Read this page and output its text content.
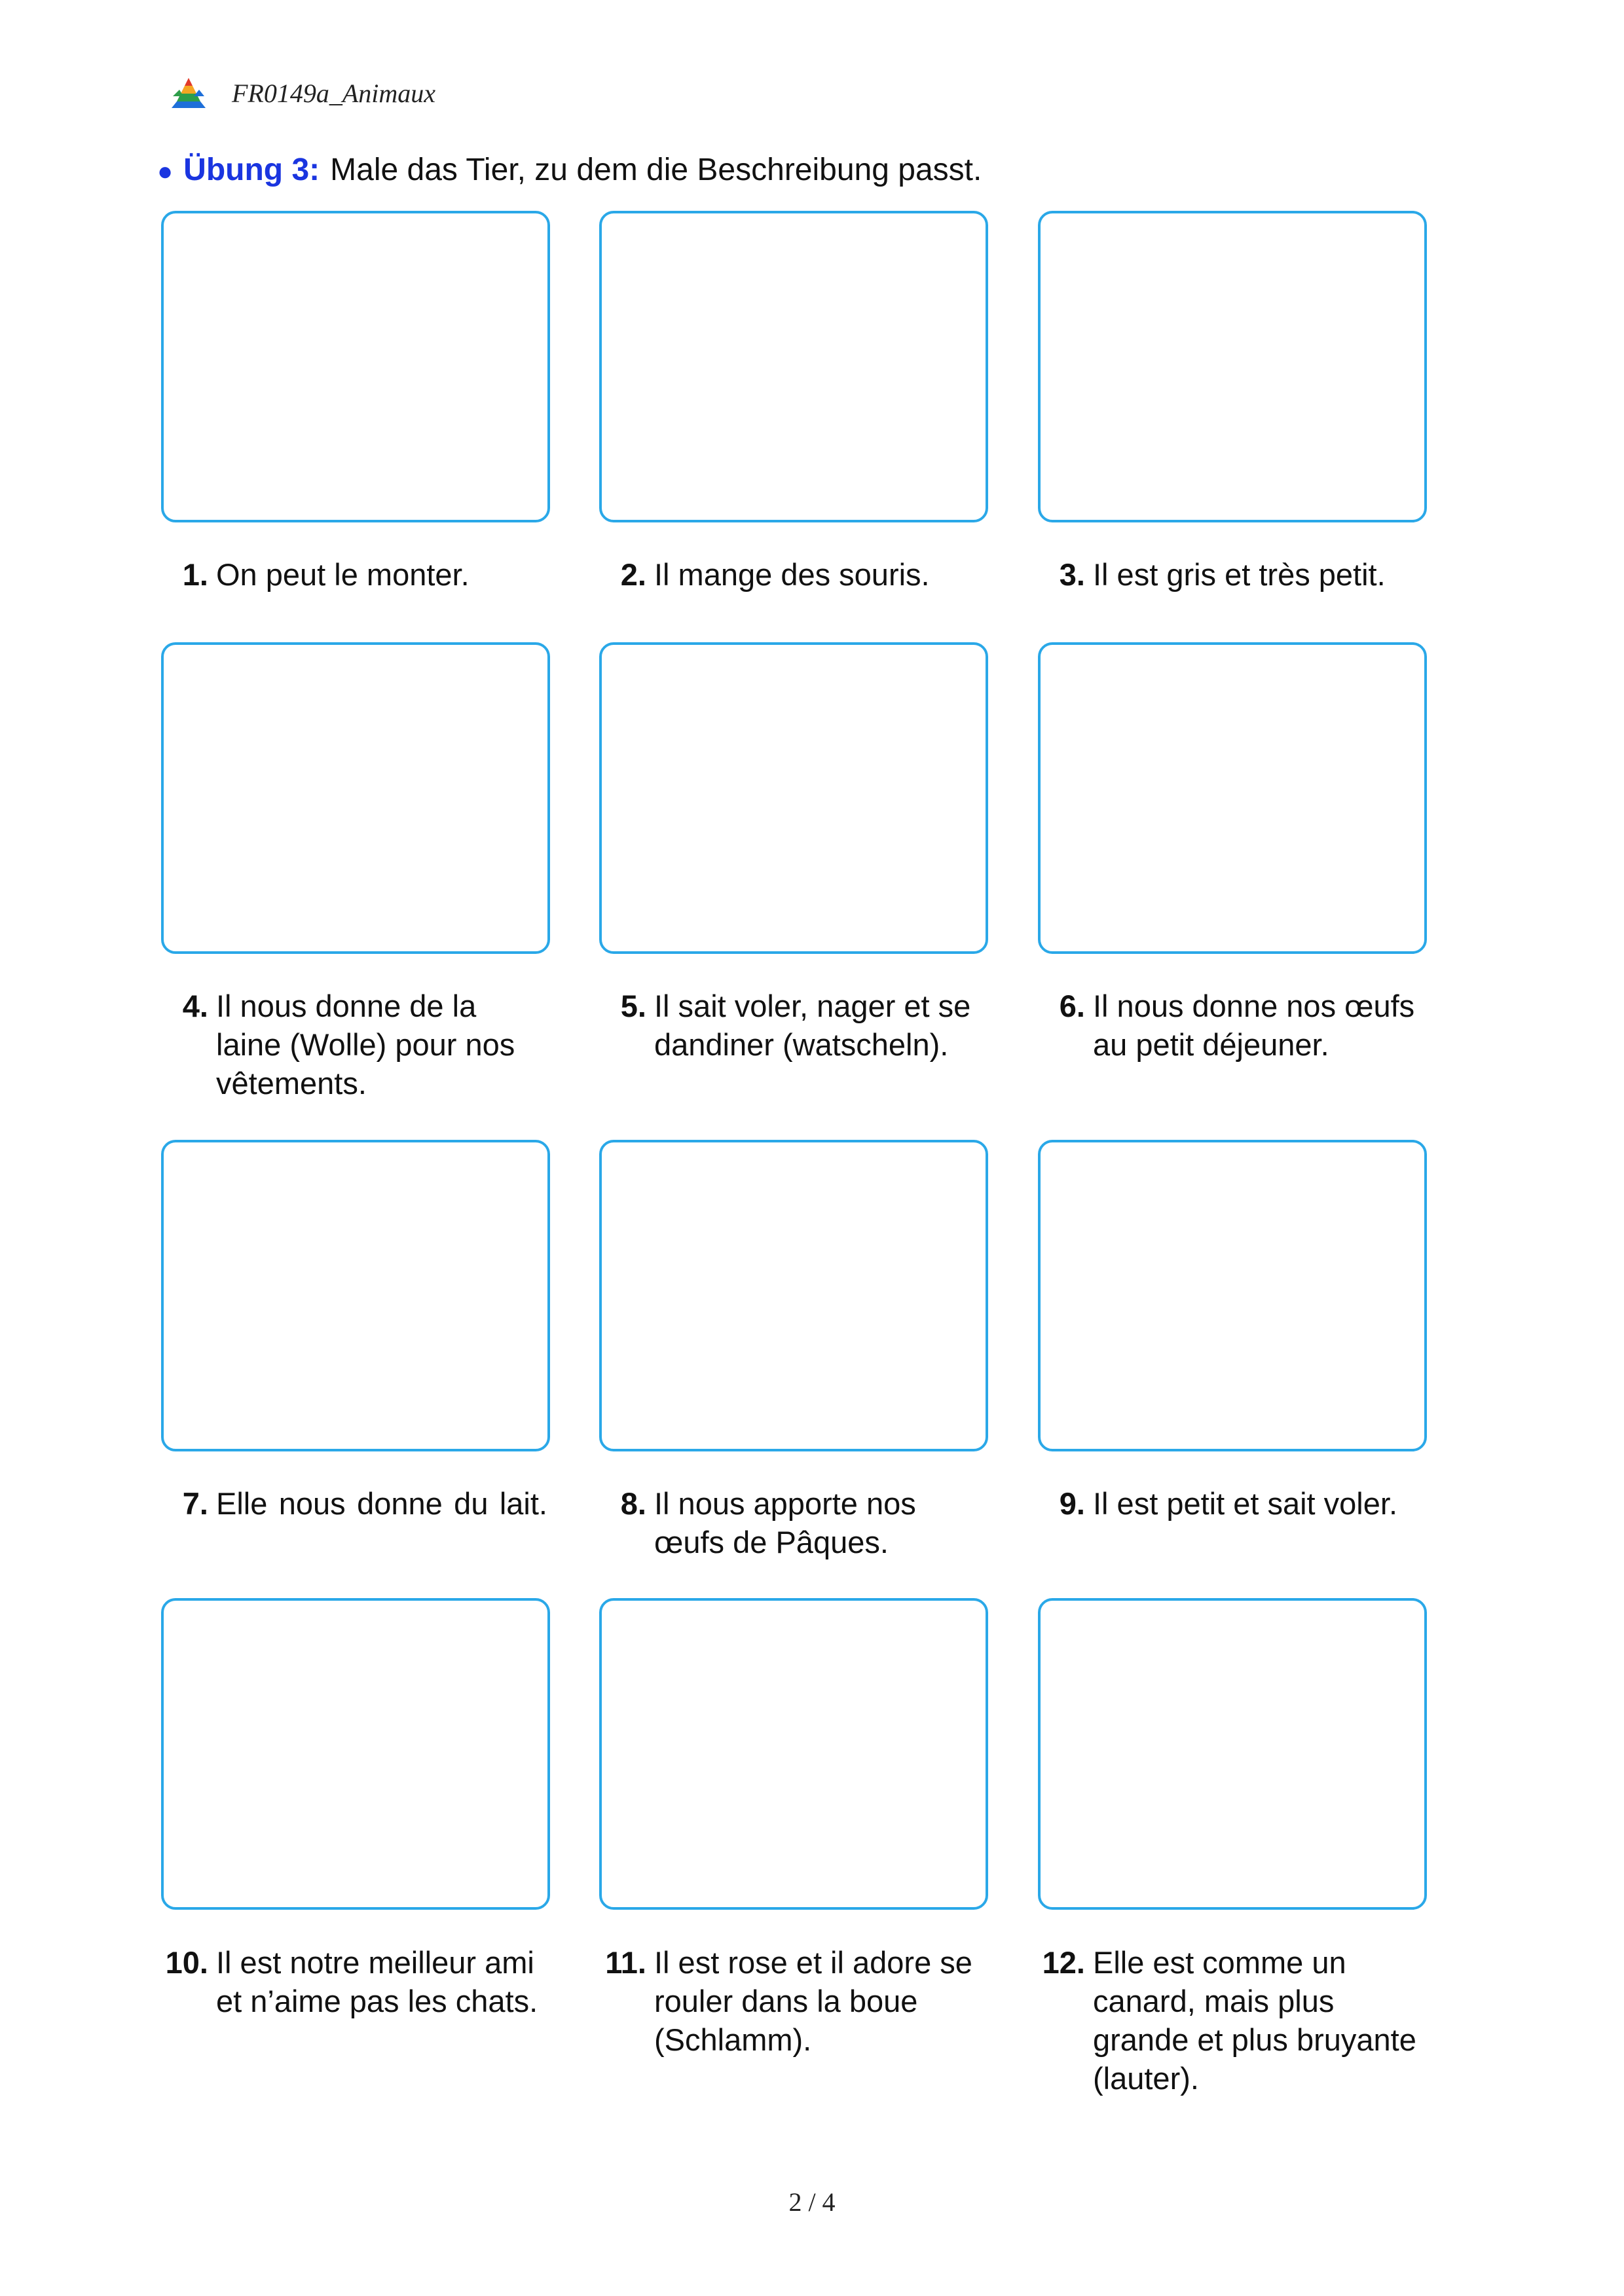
FR0149a_Animaux
● Übung 3: Male das Tier, zu dem die Beschreibung passt.
1. On peut le monter.	2. Il mange des souris.	3. Il est gris et très petit.
4. Il nous donne de la laine (Wolle) pour nos vêtements.
5. Il sait voler, nager et se dandiner (watscheln).
6. Il nous donne nos œufs au petit déjeuner.
7. Elle nous donne du lait.	8. Il nous apporte nos œufs de Pâques.
9. Il est petit et sait voler.
10. Il est notre meilleur ami et n’aime pas les chats.
11. Il est rose et il adore se rouler dans la boue (Schlamm).
12. Elle est comme un canard, mais plus grande et plus bruyante (lauter).
2 / 4
